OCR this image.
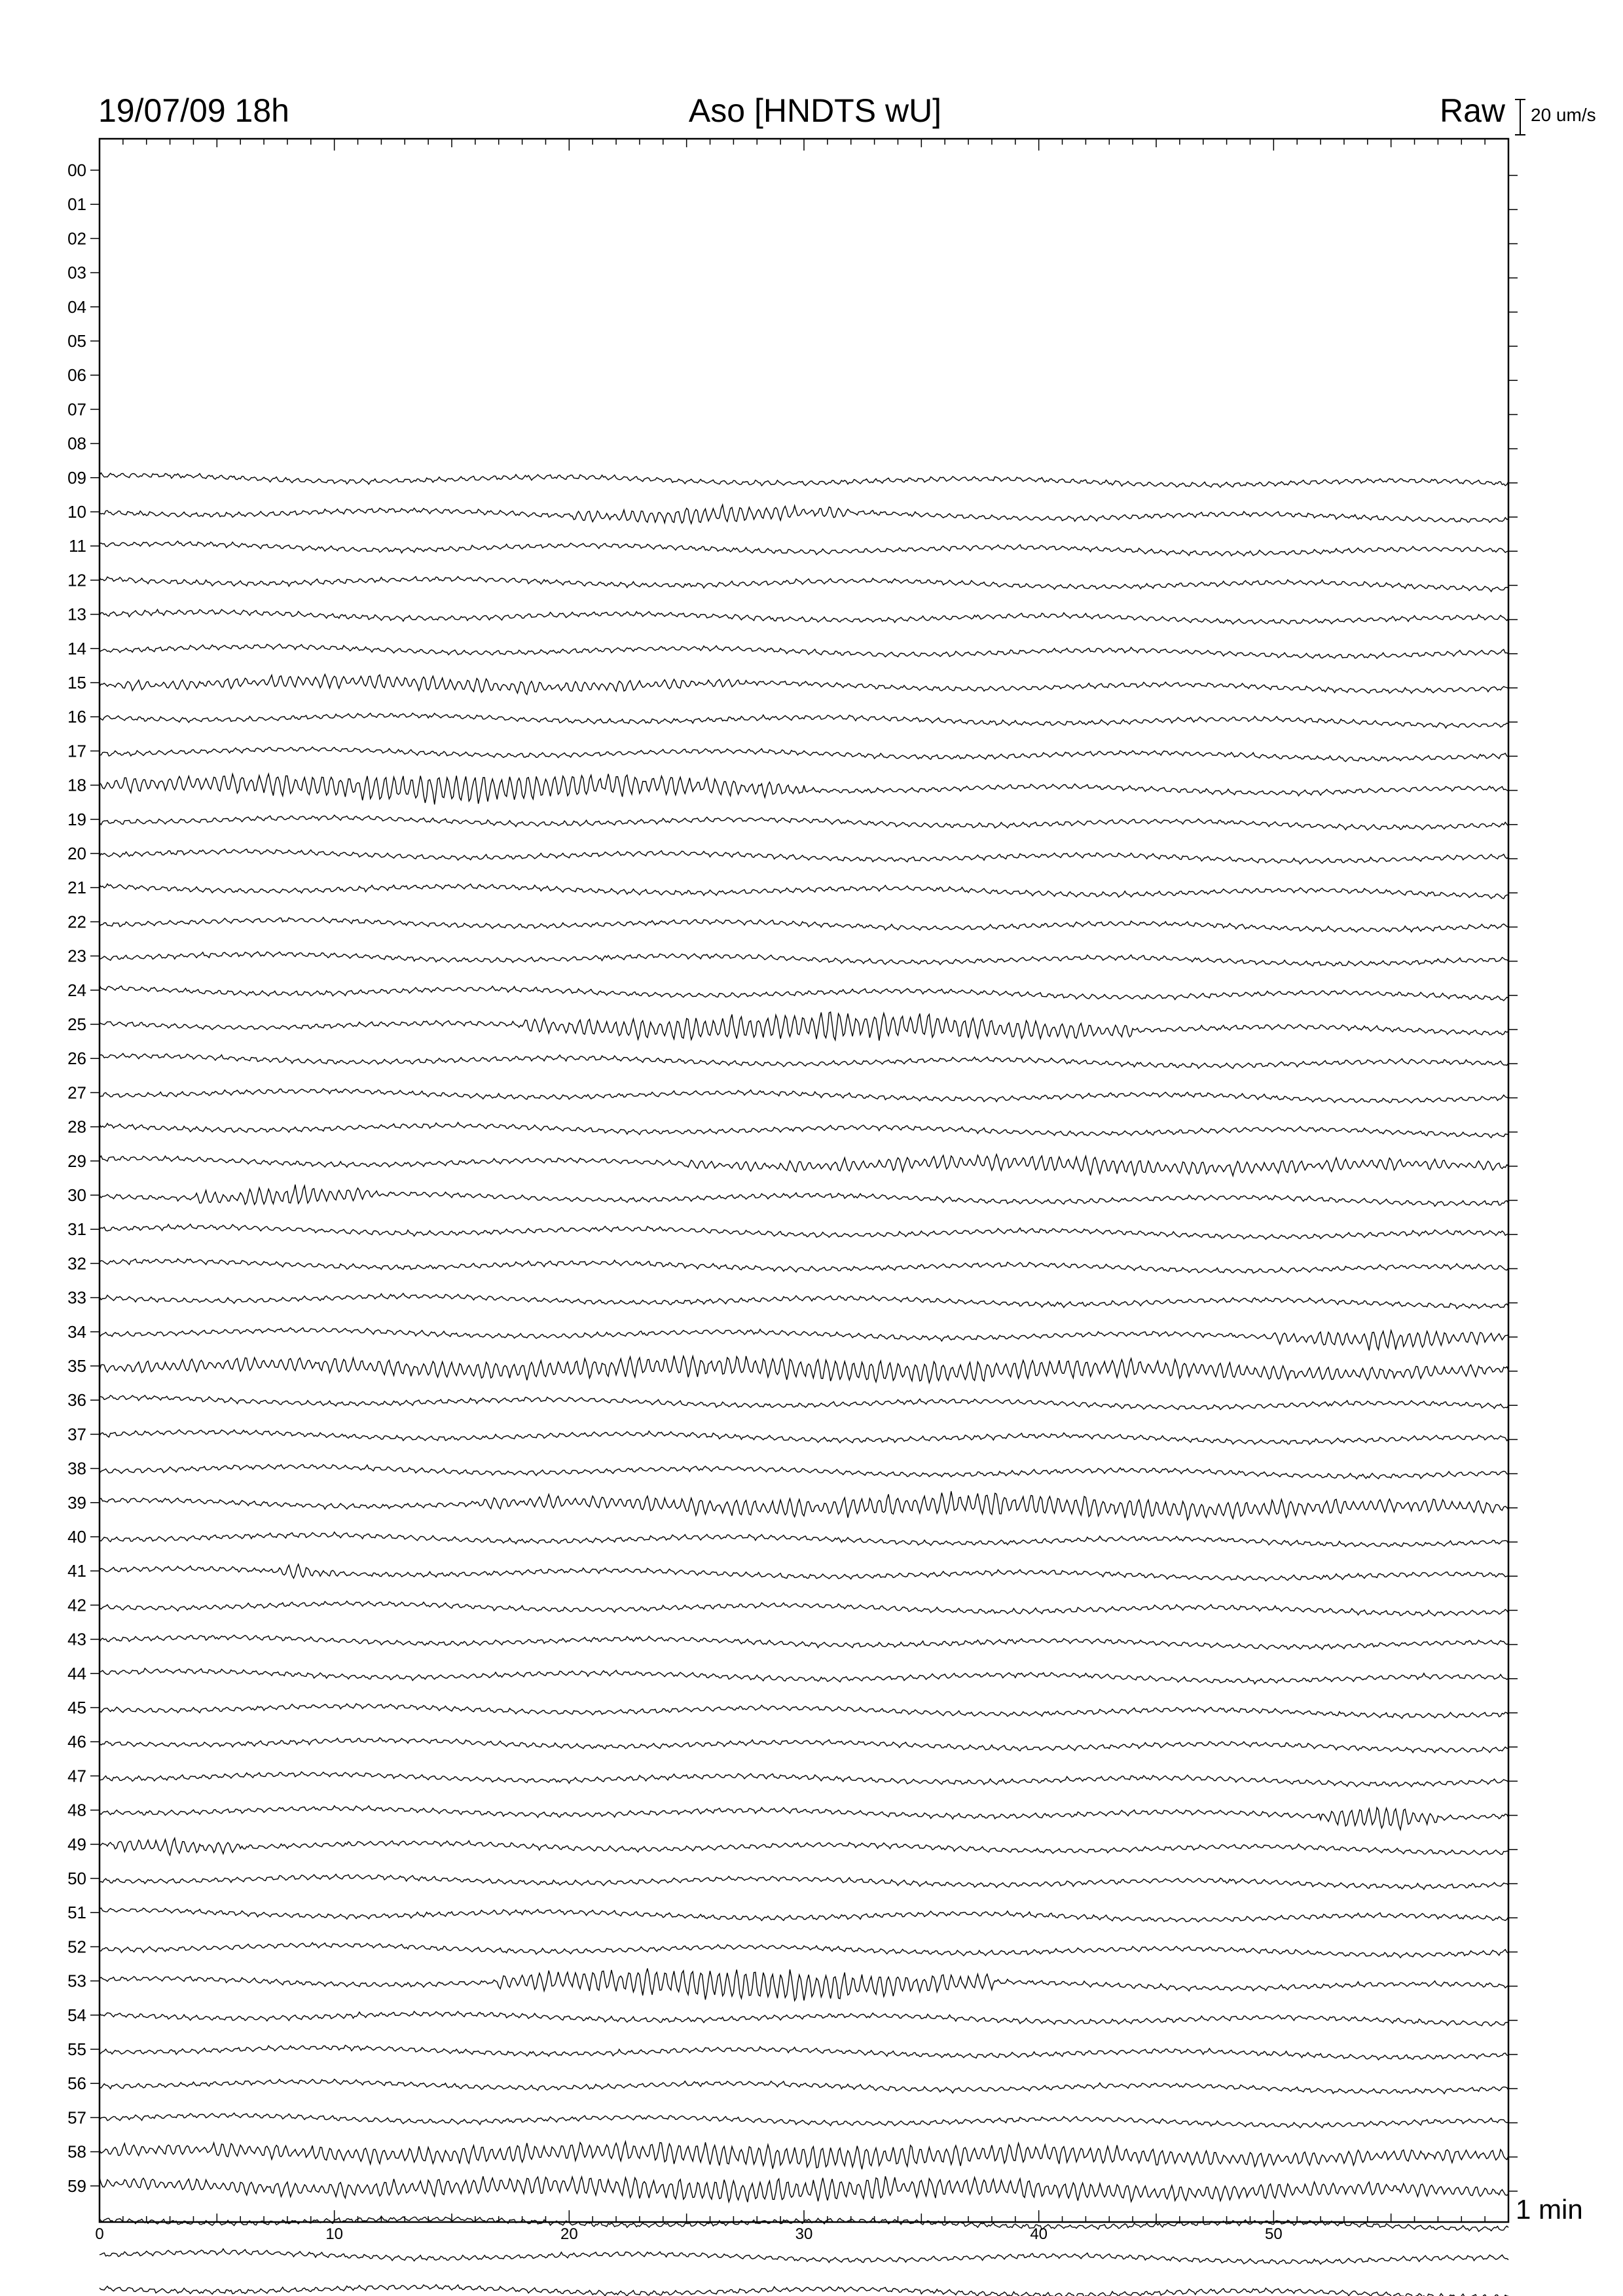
00
01
02
03
04
05
06
07
08
09
10
11
12
13
14
15
16
17
18
19
20
21
22
23
24
25
26
27
28
29
30
31
32
33
34
35
36
37
38
39
40
41
42
43
44
45
46
47
48
49
50
51
52
53
54
55
56
57
58
59
0	10	20	30	40	50
19/07/09 18h	Aso [HNDTS wU]	Raw 20 um/s
1 min
